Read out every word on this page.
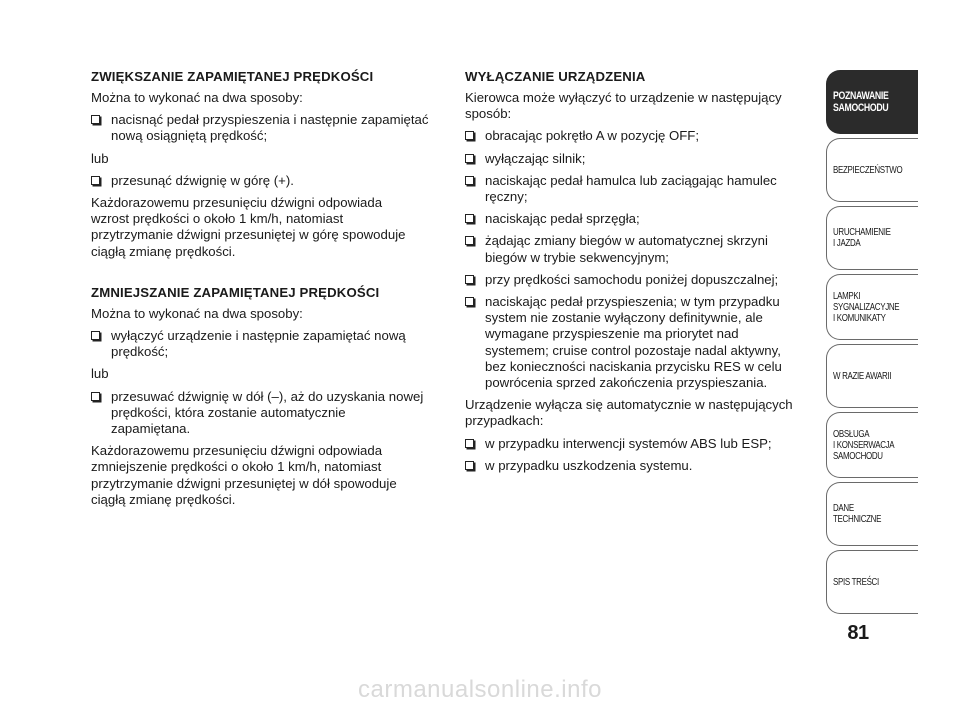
ZWIĘKSZANIE ZAPAMIĘTANEJ PRĘDKOŚCI
Można to wykonać na dwa sposoby:
nacisnąć pedał przyspieszenia i następnie zapamiętać
nową osiągniętą prędkość;
lub
przesunąć dźwignię w górę (+).
Każdorazowemu przesunięciu dźwigni odpowiada
wzrost prędkości o około 1 km/h, natomiast
przytrzymanie dźwigni przesuniętej w górę spowoduje
ciągłą zmianę prędkości.
ZMNIEJSZANIE ZAPAMIĘTANEJ PRĘDKOŚCI
Można to wykonać na dwa sposoby:
wyłączyć urządzenie i następnie zapamiętać nową
prędkość;
lub
przesuwać dźwignię w dół (–), aż do uzyskania nowej
prędkości, która zostanie automatycznie
zapamiętana.
Każdorazowemu przesunięciu dźwigni odpowiada
zmniejszenie prędkości o około 1 km/h, natomiast
przytrzymanie dźwigni przesuniętej w dół spowoduje
ciągłą zmianę prędkości.
WYŁĄCZANIE URZĄDZENIA
Kierowca może wyłączyć to urządzenie w następujący
sposób:
obracając pokrętło A w pozycję OFF;
wyłączając silnik;
naciskając pedał hamulca lub zaciągając hamulec
ręczny;
naciskając pedał sprzęgła;
żądając zmiany biegów w automatycznej skrzyni
biegów w trybie sekwencyjnym;
przy prędkości samochodu poniżej dopuszczalnej;
naciskając pedał przyspieszenia; w tym przypadku
system nie zostanie wyłączony definitywnie, ale
wymagane przyspieszenie ma priorytet nad
systemem; cruise control pozostaje nadal aktywny,
bez konieczności naciskania przycisku RES w celu
powrócenia sprzed zakończenia przyspieszania.
Urządzenie wyłącza się automatycznie w następujących
przypadkach:
w przypadku interwencji systemów ABS lub ESP;
w przypadku uszkodzenia systemu.
POZNAWANIE
SAMOCHODU
BEZPIECZEŃSTWO
URUCHAMIENIE
I JAZDA
LAMPKI
SYGNALIZACYJNE
I KOMUNIKATY
W RAZIE AWARII
OBSŁUGA
I KONSERWACJA
SAMOCHODU
DANE TECHNICZNE
SPIS TREŚCI
81
carmanualsonline.info
